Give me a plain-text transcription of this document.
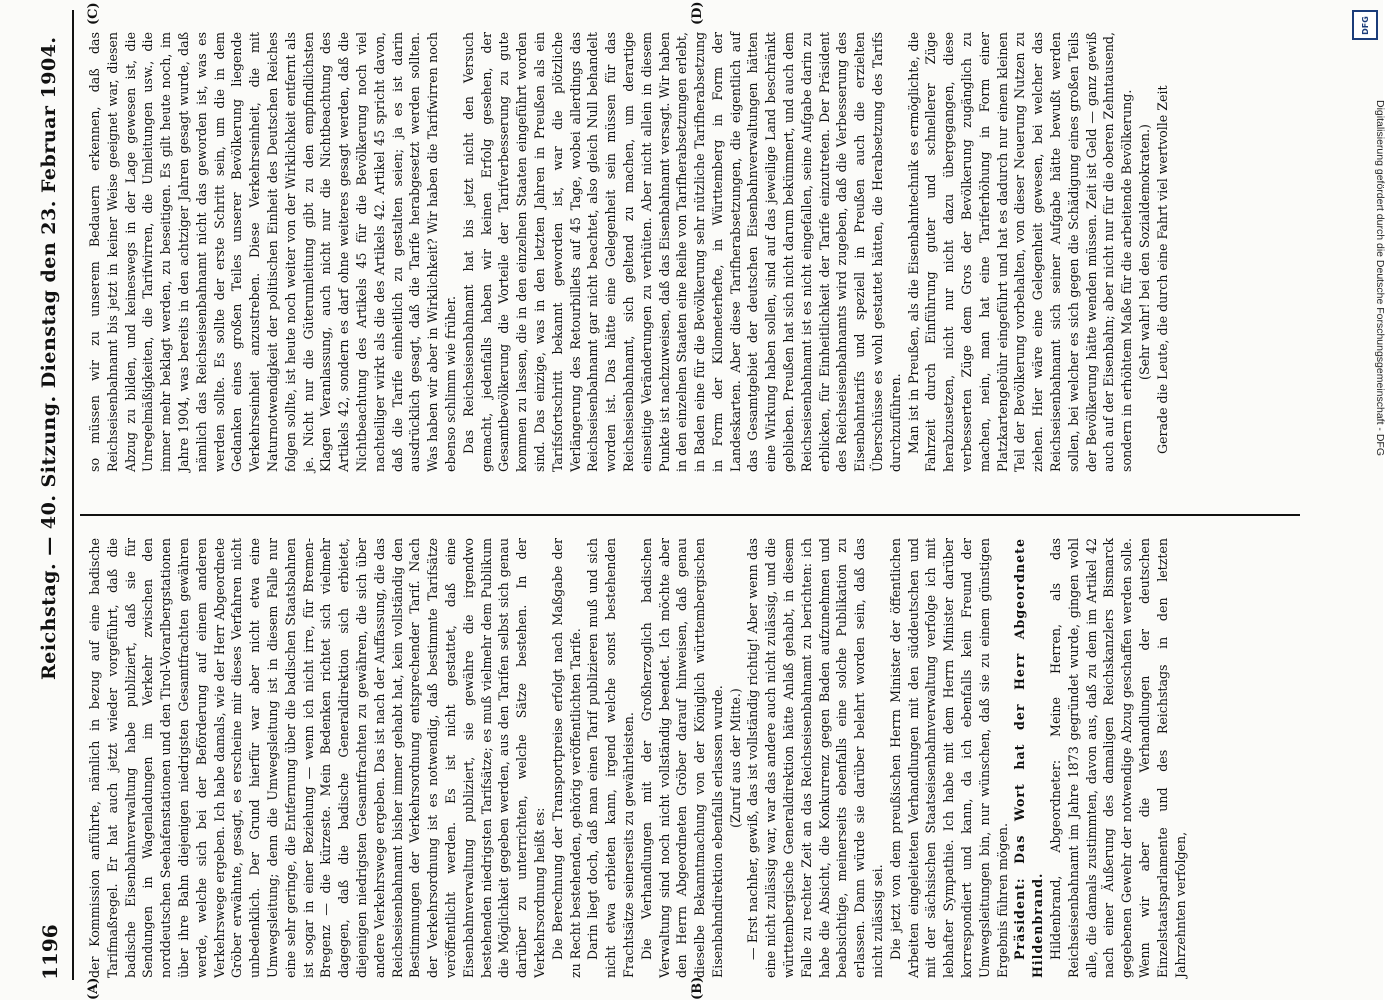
1196
Reichstag. — 40. Sitzung. Dienstag den 23. Februar 1904.
(A)	(B)
(C)	(D)

der Kommission anführte, nämlich in bezug auf eine badische Tarifmaßregel. Er hat auch jetzt wieder vorgeführt, daß die badische Eisenbahnverwaltung habe publiziert, daß sie für Sendungen in Wagenladungen im Verkehr zwischen den norddeutschen Seehafenstationen und den Tirol-Vorarlbergstationen über ihre Bahn diejenigen niedrigsten Gesamtfrachten gewähren werde, welche sich bei der Beförderung auf einem anderen Verkehrswege ergeben. Ich habe damals, wie der Herr Abgeordnete Gröber erwähnte, gesagt, es erscheine mir dieses Verfahren nicht unbedenklich. Der Grund hierfür war aber nicht etwa eine Umwegsleitung; denn die Umwegsleitung ist in diesem Falle nur eine sehr geringe, die Entfernung über die badischen Staatsbahnen ist sogar in einer Beziehung — wenn ich nicht irre, für Bremen-Bregenz — die kürzeste. Mein Bedenken richtet sich vielmehr dagegen, daß die badische Generaldirektion sich erbietet, diejenigen niedrigsten Gesamtfrachten zu gewähren, die sich über andere Verkehrswege ergeben. Das ist nach der Auffassung, die das Reichseisenbahnamt bisher immer gehabt hat, kein vollständig den Bestimmungen der Verkehrsordnung entsprechender Tarif. Nach der Verkehrsordnung ist es notwendig, daß bestimmte Tarifsätze veröffentlicht werden. Es ist nicht gestattet, daß eine Eisenbahnverwaltung publiziert, sie gewähre die irgendwo bestehenden niedrigsten Tarifsätze; es muß vielmehr dem Publikum die Möglichkeit gegeben werden, aus den Tarifen selbst sich genau darüber zu unterrichten, welche Sätze bestehen. In der Verkehrsordnung heißt es: Die Berechnung der Transportpreise erfolgt nach Maßgabe der zu Recht bestehenden, gehörig veröffentlichten Tarife. Darin liegt doch, daß man einen Tarif publizieren muß und sich nicht etwa erbieten kann, irgend welche sonst bestehenden Frachtsätze seinerseits zu gewährleisten. Die Verhandlungen mit der Großherzoglich badischen Verwaltung sind noch nicht vollständig beendet. Ich möchte aber den Herrn Abgeordneten Gröber darauf hinweisen, daß genau dieselbe Bekanntmachung von der Königlich württembergischen Eisenbahndirektion ebenfalls erlassen wurde. (Zuruf aus der Mitte.) — Erst nachher, gewiß, das ist vollständig richtig! Aber wenn das eine nicht zulässig war, war das andere auch nicht zulässig, und die württembergische Generaldirektion hätte Anlaß gehabt, in diesem Falle zu rechter Zeit an das Reichseisenbahnamt zu berichten: ich habe die Absicht, die Konkurrenz gegen Baden aufzunehmen und beabsichtige, meinerseits ebenfalls eine solche Publikation zu erlassen. Dann würde sie darüber belehrt worden sein, daß das nicht zulässig sei. Die jetzt von dem preußischen Herrn Minister der öffentlichen Arbeiten eingeleiteten Verhandlungen mit den süddeutschen und mit der sächsischen Staatseisenbahnverwaltung verfolge ich mit lebhafter Sympathie. Ich habe mit dem Herrn Minister darüber korrespondiert und kann, da ich ebenfalls kein Freund der Umwegsleitungen bin, nur wünschen, daß sie zu einem günstigen Ergebnis führen mögen. Präsident: Das Wort hat der Herr Abgeordnete Hildenbrand. Hildenbrand, Abgeordneter: Meine Herren, als das Reichseisenbahnamt im Jahre 1873 gegründet wurde, gingen wohl alle, die damals zustimmten, davon aus, daß zu dem im Artikel 42 nach einer Äußerung des damaligen Reichskanzlers Bismarck gegebenen Gewehr der notwendige Abzug geschaffen werden solle. Wenn wir aber die Verhandlungen der deutschen Einzelstaatsparlamente und des Reichstags in den letzten Jahrzehnten verfolgen,

so müssen wir zu unserem Bedauern erkennen, daß das Reichseisenbahnamt bis jetzt in keiner Weise geeignet war, diesen Abzug zu bilden, und keineswegs in der Lage gewesen ist, die Unregelmäßigkeiten, die Tarifwirren, die Umleitungen usw., die immer mehr beklagt werden, zu beseitigen. Es gilt heute noch, im Jahre 1904, was bereits in den achtziger Jahren gesagt wurde, daß nämlich das Reichseisenbahnamt nicht das geworden ist, was es werden sollte. Es sollte der erste Schritt sein, um die in dem Gedanken eines großen Teiles unserer Bevölkerung liegende Verkehrseinheit anzustreben. Diese Verkehrseinheit, die mit Naturnotwendigkeit der politischen Einheit des Deutschen Reiches folgen sollte, ist heute noch weiter von der Wirklichkeit entfernt als je. Nicht nur die Güterumleitung gibt zu den empfindlichsten Klagen Veranlassung, auch nicht nur die Nichtbeachtung des Artikels 42, sondern es darf ohne weiteres gesagt werden, daß die Nichtbeachtung des Artikels 45 für die Bevölkerung noch viel nachteiliger wirkt als die des Artikels 42. Artikel 45 spricht davon, daß die Tarife einheitlich zu gestalten seien; ja es ist darin ausdrücklich gesagt, daß die Tarife herabgesetzt werden sollten. Was haben wir aber in Wirklichkeit? Wir haben die Tarifwirren noch ebenso schlimm wie früher. Das Reichseisenbahnamt hat bis jetzt nicht den Versuch gemacht, jedenfalls haben wir keinen Erfolg gesehen, der Gesamtbevölkerung die Vorteile der Tarifverbesserung zu gute kommen zu lassen, die in den einzelnen Staaten eingeführt worden sind. Das einzige, was in den letzten Jahren in Preußen als ein Tarifsfortschritt bekannt geworden ist, war die plötzliche Verlängerung des Retourbillets auf 45 Tage, wobei allerdings das Reichseisenbahnamt gar nicht beachtet, also gleich Null behandelt worden ist. Das hätte eine Gelegenheit sein müssen für das Reichseisenbahnamt, sich geltend zu machen, um derartige einseitige Veränderungen zu verhüten. Aber nicht allein in diesem Punkte ist nachzuweisen, daß das Eisenbahnamt versagt. Wir haben in den einzelnen Staaten eine Reihe von Tarifherabsetzungen erlebt, in Baden eine für die Bevölkerung sehr nützliche Tarifherabsetzung in Form der Kilometerhefte, in Württemberg in Form der Landeskarten. Aber diese Tarifherabsetzungen, die eigentlich auf das Gesamtgebiet der deutschen Eisenbahnverwaltungen hätten eine Wirkung haben sollen, sind auf das jeweilige Land beschränkt geblieben. Preußen hat sich nicht darum bekümmert, und auch dem Reichseisenbahnamt ist es nicht eingefallen, seine Aufgabe darin zu erblicken, für Einheitlichkeit der Tarife einzutreten. Der Präsident des Reichseisenbahnamts wird zugeben, daß die Verbesserung des Eisenbahntarifs und speziell in Preußen auch die erzielten Überschüsse es wohl gestattet hätten, die Herabsetzung des Tarifs durchzuführen. Man ist in Preußen, als die Eisenbahntechnik es ermöglichte, die Fahrzeit durch Einführung guter und schnellerer Züge herabzusetzen, nicht nur nicht dazu übergegangen, diese verbesserten Züge dem Gros der Bevölkerung zugänglich zu machen, nein, man hat eine Tariferhöhung in Form einer Platzkartengebühr eingeführt und hat es dadurch nur einem kleinen Teil der Bevölkerung vorbehalten, von dieser Neuerung Nutzen zu ziehen. Hier wäre eine Gelegenheit gewesen, bei welcher das Reichseisenbahnamt sich seiner Aufgabe hätte bewußt werden sollen, bei welcher es sich gegen die Schädigung eines großen Teils der Bevölkerung hätte wenden müssen. Zeit ist Geld — ganz gewiß auch auf der Eisenbahn; aber nicht nur für die oberen Zehntausend, sondern in erhöhtem Maße für die arbeitende Bevölkerung. (Sehr wahr! bei den Sozialdemokraten.) Gerade die Leute, die durch eine Fahrt viel wertvolle Zeit

DFG
Digitalisierung gefördert durch die Deutsche Forschungsgemeinschaft - DFG
